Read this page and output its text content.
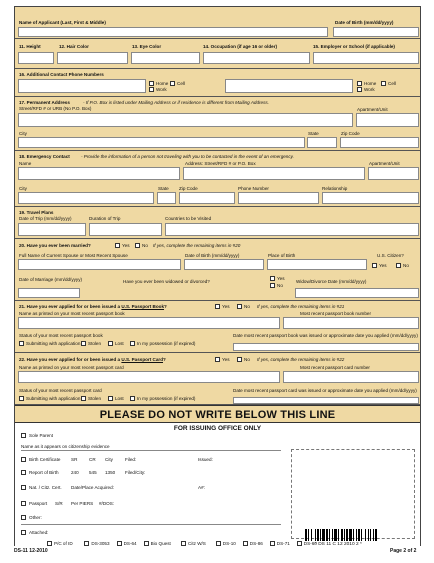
Name of Applicant (Last, First & Middle)	Date of Birth (mm/dd/yyyy)
11. Height	12. Hair Color	13. Eye Color	14. Occupation (if age 16 or older)	15. Employer or School (if applicable)
16. Additional Contact Phone Numbers
Home Cell
Work
Home	Cell
Work
17. Permanent Address	- If P.O. Box is listed under Mailing Address or if residence is different from Mailing Address.
Street/RFD # or URB (No P.O. Box)	Apartment/Unit
City	State	Zip Code
18. Emergency Contact - Provide the information of a person not traveling with you to be contacted in the event of an emergency.
Name	Address: Street/RFD # or P.O. Box	Apartment/Unit
City	State Zip Code	Phone Number	Relationship
19. Travel Plans
Date of Trip (mm/dd/yyyy)	Duration of Trip	Countries to be Visited
20. Have you ever been married?	Yes	No If yes, complete the remaining items in #20
Full Name of Current Spouse or Most Recent Spouse	Date of Birth (mm/dd/yyyy)	Place of Birth	U.S. Citizen?
Yes	No
Date of Marriage (mm/dd/yyyy)	Have you ever been widowed or divorced?
Yes
No
Widow/Divorce Date (mm/dd/yyyy)
21. Have you ever applied for or been issued a U.S. Passport Book?	Yes	No If yes, complete the remaining items in #21
Name as printed on your most recent passport book	Most recent passport book number
Status of your most recent passport book
Submitting with application Stolen	Lost	In my possession (if expired)
Date most recent passport book was issued or approximate date you applied (mm/dd/yyyy)
22. Have you ever applied for or been issued a U.S. Passport Card?	Yes	No If yes, complete the remaining items in #22
Name as printed on your most recent passport card	Most recent passport card number
Status of your most recent passport card
Submitting with application Stolen	Lost	In my possession (if expired)
Date most recent passport card was issued or approximate date you applied (mm/dd/yyyy)
PLEASE DO NOT WRITE BELOW THIS LINE
FOR ISSUING OFFICE ONLY
Sole Parent
Name as it appears on citizenship evidence
Birth Certificate SR	CR City	Filed:	Issued:
Report of Birth	240 545 1350 Filed/City:
Nat. / Citz. Cert. Date/Place Acquired:	A#:
Passport S/R Per PIERS #/DOS:
Other:
Attached:
P/C of ID	DS-3053	DS-64	Bio Quest	Citz W/S	DS-10	DS-86	DS-71	DS-60
* DS 11 C 12 2010 2 *
DS-11 12-2010	Page 2 of 2
